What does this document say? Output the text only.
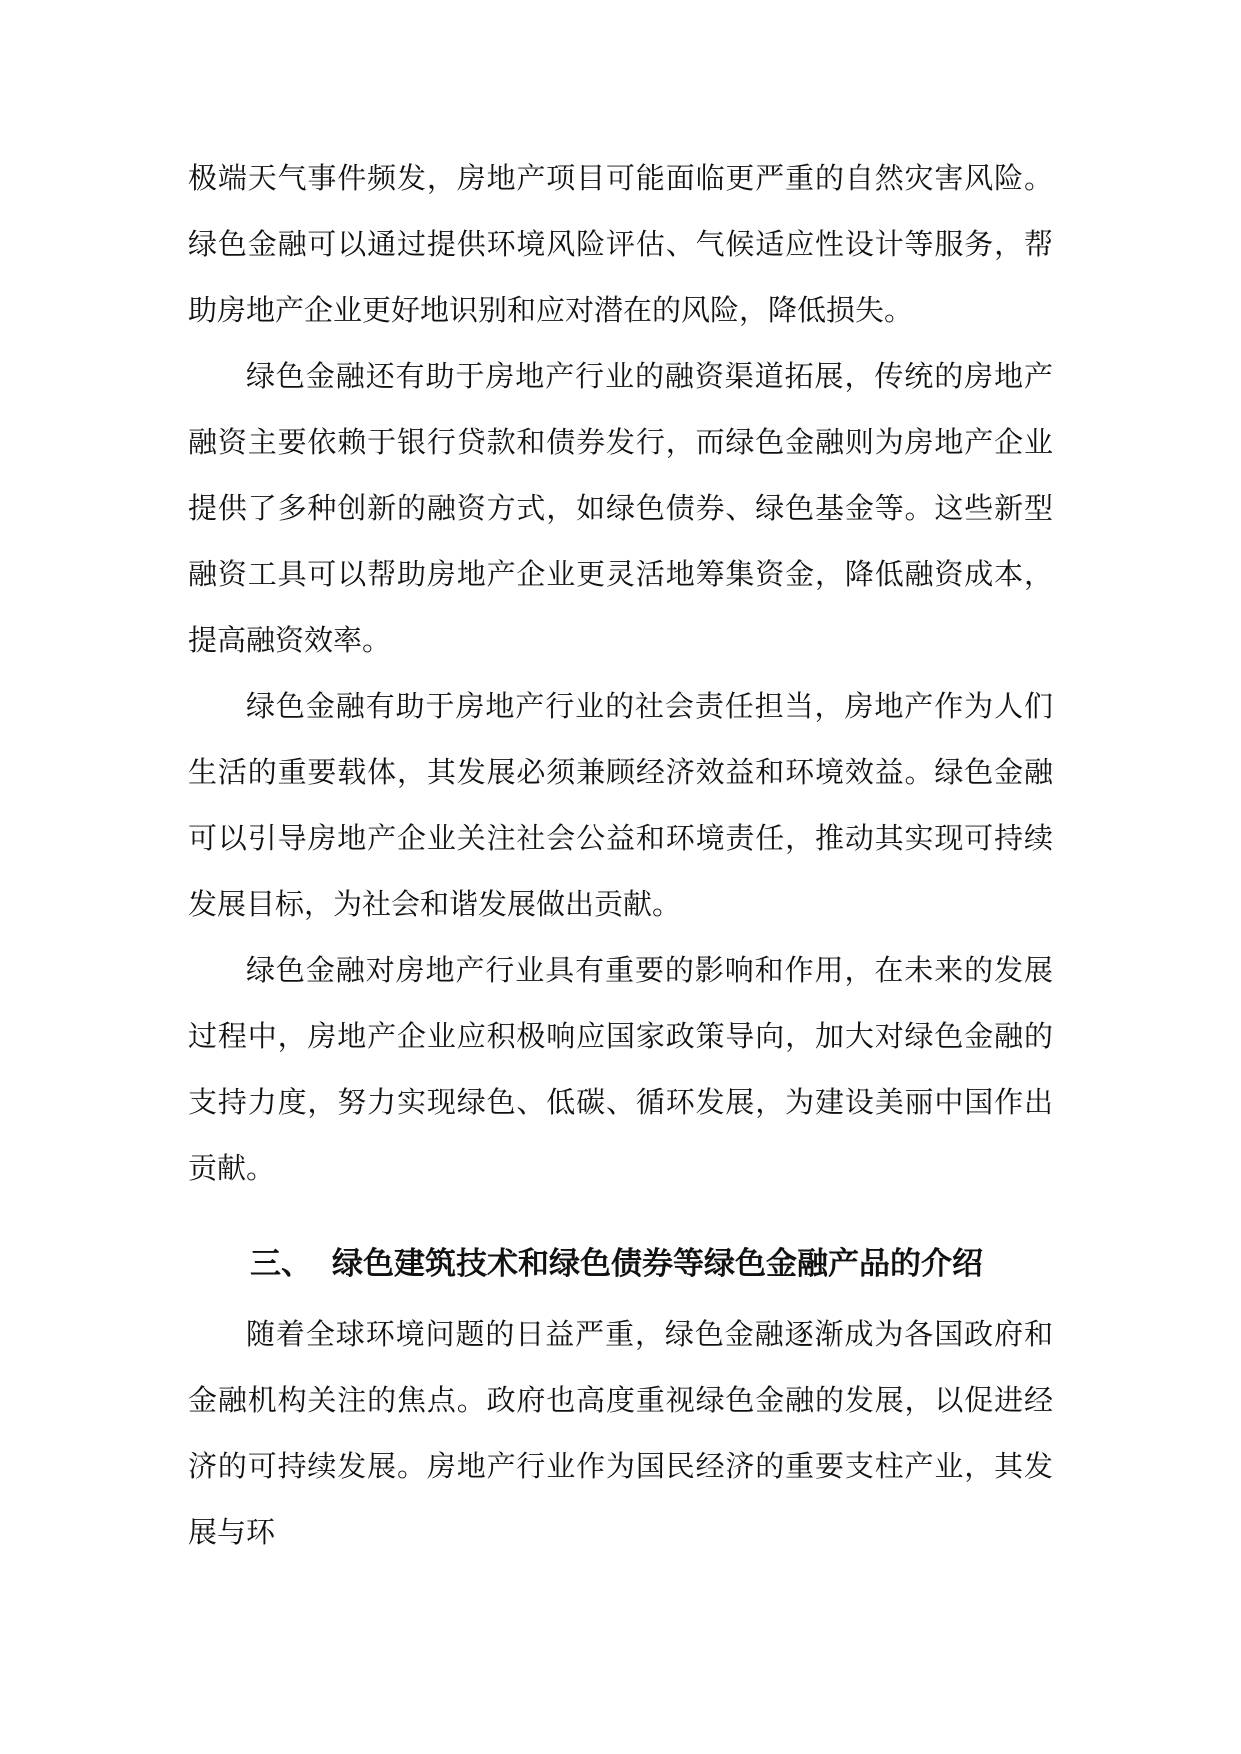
极端天气事件频发，房地产项目可能面临更严重的自然灾害风险。绿色金融可以通过提供环境风险评估、气候适应性设计等服务，帮助房地产企业更好地识别和应对潜在的风险，降低损失。

绿色金融还有助于房地产行业的融资渠道拓展，传统的房地产融资主要依赖于银行贷款和债券发行，而绿色金融则为房地产企业提供了多种创新的融资方式，如绿色债券、绿色基金等。这些新型融资工具可以帮助房地产企业更灵活地筹集资金，降低融资成本，提高融资效率。

绿色金融有助于房地产行业的社会责任担当，房地产作为人们生活的重要载体，其发展必须兼顾经济效益和环境效益。绿色金融可以引导房地产企业关注社会公益和环境责任，推动其实现可持续发展目标，为社会和谐发展做出贡献。

绿色金融对房地产行业具有重要的影响和作用，在未来的发展过程中，房地产企业应积极响应国家政策导向，加大对绿色金融的支持力度，努力实现绿色、低碳、循环发展，为建设美丽中国作出贡献。

三、 绿色建筑技术和绿色债券等绿色金融产品的介绍

随着全球环境问题的日益严重，绿色金融逐渐成为各国政府和金融机构关注的焦点。政府也高度重视绿色金融的发展，以促进经济的可持续发展。房地产行业作为国民经济的重要支柱产业，其发展与环
